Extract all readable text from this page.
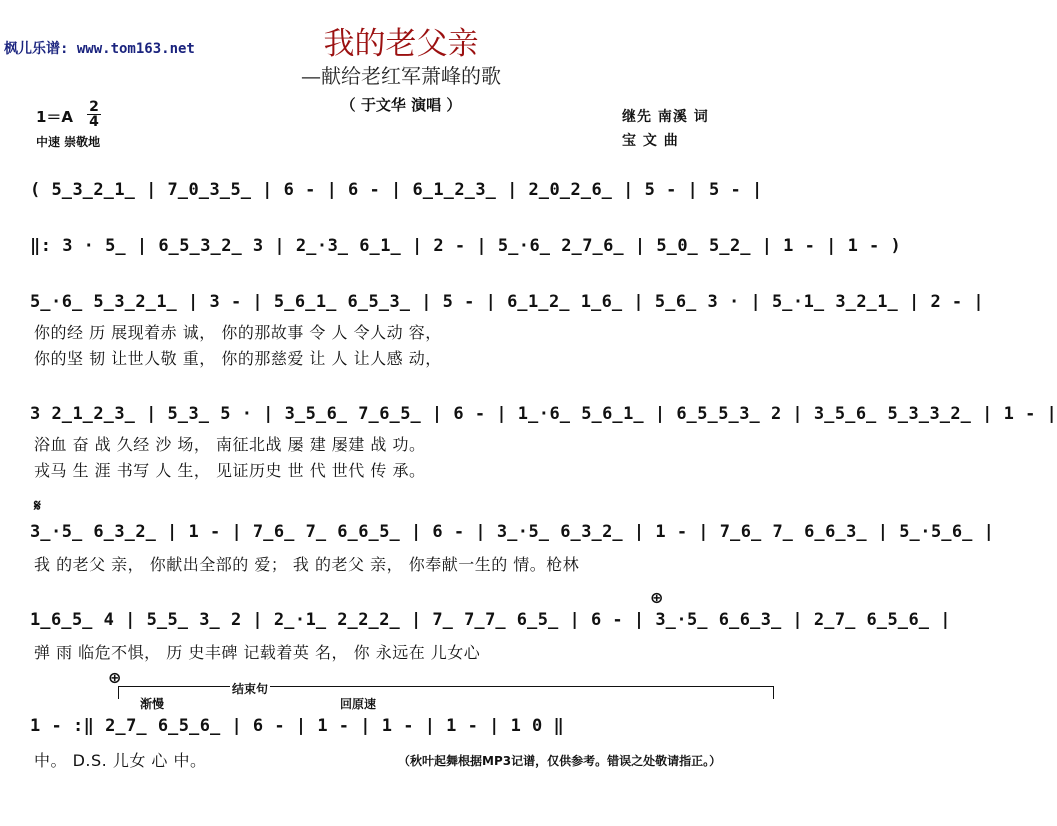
枫儿乐谱: www.tom163.net	我的老父亲
—献给老红军萧峰的歌
（ 于文华 演唱 ）
1＝A
2
4
中速 崇敬地
继先 南溪 词
宝 文 曲
( 5̲3̲2̲1̲ | 7̲0̲3̲5̲ | 6 - | 6 - | 6̲1̲2̲3̲ | 2̲0̲2̲6̲ | 5 - | 5 - |
‖: 3 · 5̲ | 6̲5̲3̲2̲ 3 | 2̲·3̲ 6̲1̲ | 2 - | 5̲·6̲ 2̲7̲6̲ | 5̲0̲ 5̲2̲ | 1 - | 1 - )
5̲·6̲ 5̲3̲2̲1̲ | 3 - | 5̲6̲1̲ 6̲5̲3̲ | 5 - | 6̲1̲2̲ 1̲6̲ | 5̲6̲ 3 · | 5̲·1̲ 3̲2̲1̲ | 2 - |
你的经 历 展现着赤 诚， 你的那故事 令 人 令人动 容，
你的坚 韧 让世人敬 重， 你的那慈爱 让 人 让人感 动，
3 2̲1̲2̲3̲ | 5̲3̲ 5 · | 3̲5̲6̲ 7̲6̲5̲ | 6 - | 1̲·6̲ 5̲6̲1̲ | 6̲5̲5̲3̲ 2 | 3̲5̲6̲ 5̲3̲3̲2̲ | 1 - |
浴血 奋 战 久经 沙 场， 南征北战 屡 建 屡建 战 功。
戎马 生 涯 书写 人 生， 见证历史 世 代 世代 传 承。
𝄋
3̲·5̲ 6̲3̲2̲ | 1 - | 7̲6̲ 7̲ 6̲6̲5̲ | 6 - | 3̲·5̲ 6̲3̲2̲ | 1 - | 7̲6̲ 7̲ 6̲6̲3̲ | 5̲·5̲6̲ |
我 的老父 亲， 你献出全部的 爱； 我 的老父 亲， 你奉献一生的 情。枪林
⊕
1̲6̲5̲ 4 | 5̲5̲ 3̲ 2 | 2̲·1̲ 2̲2̲2̲ | 7̲ 7̲7̲ 6̲5̲ | 6 - | 3̲·5̲ 6̲6̲3̲ | 2̲7̲ 6̲5̲6̲ |
弹 雨 临危不惧， 历 史丰碑 记载着英 名， 你 永远在 儿女心
⊕
渐慢
结束句
回原速
1 - :‖ 2̲7̲ 6̲5̲6̲ | 6 - | 1 - | 1 - | 1 - | 1 0 ‖
中。 D.S. 儿女 心 中。	（秋叶起舞根据MP3记谱，仅供参考。错误之处敬请指正。）
